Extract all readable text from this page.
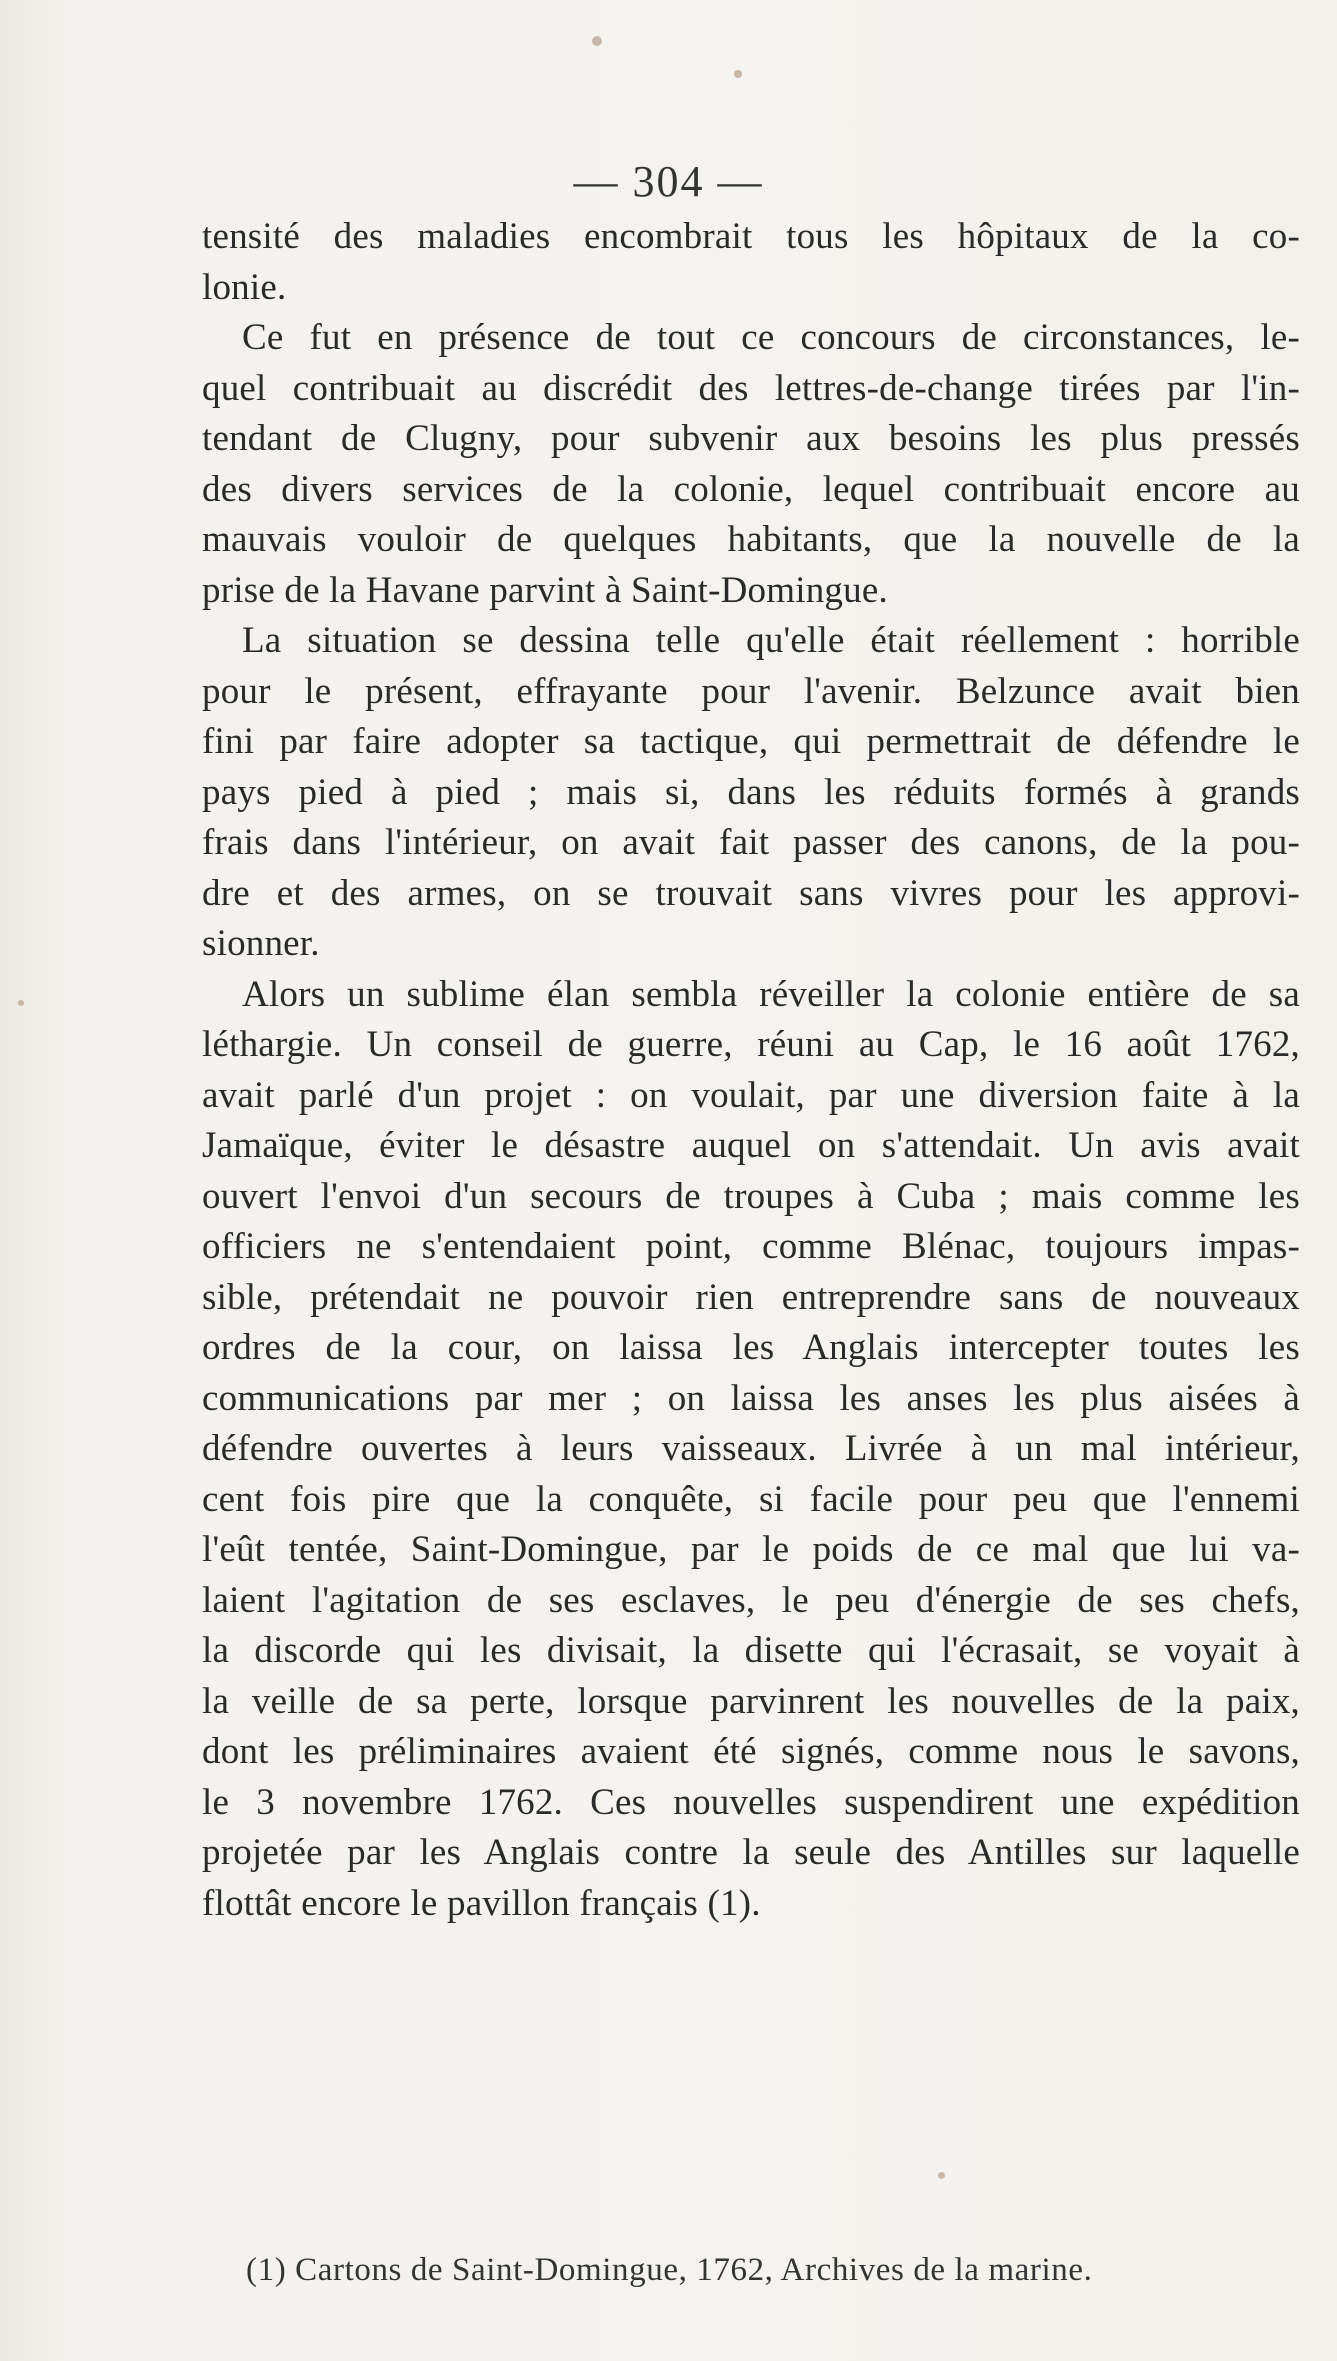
— 304 —
tensité des maladies encombrait tous les hôpitaux de la co-
lonie.
Ce fut en présence de tout ce concours de circonstances, le-
quel contribuait au discrédit des lettres-de-change tirées par l'in-
tendant de Clugny, pour subvenir aux besoins les plus pressés
des divers services de la colonie, lequel contribuait encore au
mauvais vouloir de quelques habitants, que la nouvelle de la
prise de la Havane parvint à Saint-Domingue.
La situation se dessina telle qu'elle était réellement : horrible
pour le présent, effrayante pour l'avenir. Belzunce avait bien
fini par faire adopter sa tactique, qui permettrait de défendre le
pays pied à pied ; mais si, dans les réduits formés à grands
frais dans l'intérieur, on avait fait passer des canons, de la pou-
dre et des armes, on se trouvait sans vivres pour les approvi-
sionner.
Alors un sublime élan sembla réveiller la colonie entière de sa
léthargie. Un conseil de guerre, réuni au Cap, le 16 août 1762,
avait parlé d'un projet : on voulait, par une diversion faite à la
Jamaïque, éviter le désastre auquel on s'attendait. Un avis avait
ouvert l'envoi d'un secours de troupes à Cuba ; mais comme les
officiers ne s'entendaient point, comme Blénac, toujours impas-
sible, prétendait ne pouvoir rien entreprendre sans de nouveaux
ordres de la cour, on laissa les Anglais intercepter toutes les
communications par mer ; on laissa les anses les plus aisées à
défendre ouvertes à leurs vaisseaux. Livrée à un mal intérieur,
cent fois pire que la conquête, si facile pour peu que l'ennemi
l'eût tentée, Saint-Domingue, par le poids de ce mal que lui va-
laient l'agitation de ses esclaves, le peu d'énergie de ses chefs,
la discorde qui les divisait, la disette qui l'écrasait, se voyait à
la veille de sa perte, lorsque parvinrent les nouvelles de la paix,
dont les préliminaires avaient été signés, comme nous le savons,
le 3 novembre 1762. Ces nouvelles suspendirent une expédition
projetée par les Anglais contre la seule des Antilles sur laquelle
flottât encore le pavillon français (1).
(1) Cartons de Saint-Domingue, 1762, Archives de la marine.
